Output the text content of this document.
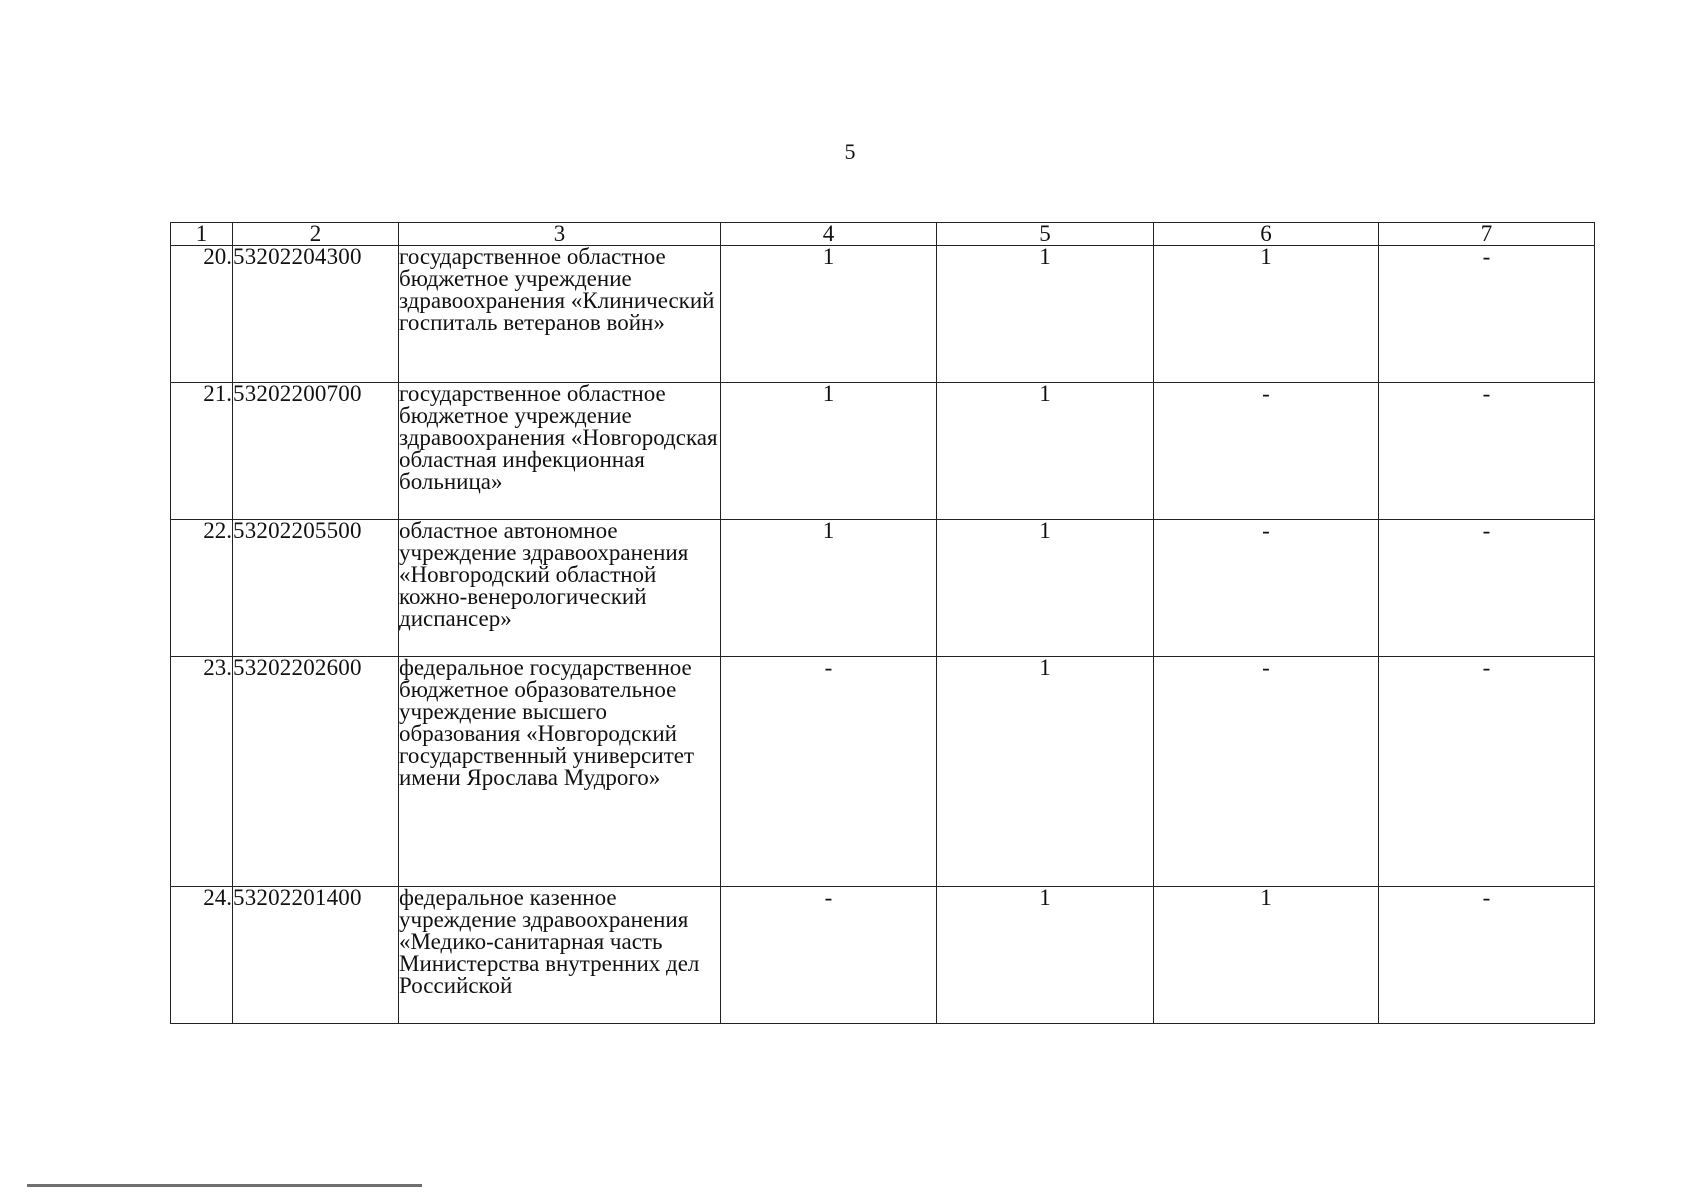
5
1	2	3	4	5	6	7
20.	53202204300	государственное областное бюджетное учреждение здравоохранения «Клинический госпиталь ветеранов войн»	1	1	1	-
21.	53202200700	государственное областное бюджетное учреждение здравоохранения «Новгородская областная инфекционная больница»	1	1	-	-
22.	53202205500	областное автономное учреждение здравоохранения «Новгородский областной кожно-венерологический диспансер»	1	1	-	-
23.	53202202600	федеральное государственное бюджетное образовательное учреждение высшего образования «Новгородский государственный университет имени Ярослава Мудрого»	-	1	-	-
24.	53202201400	федеральное казенное учреждение здравоохранения «Медико-санитарная часть Министерства внутренних дел Российской	-	1	1	-
